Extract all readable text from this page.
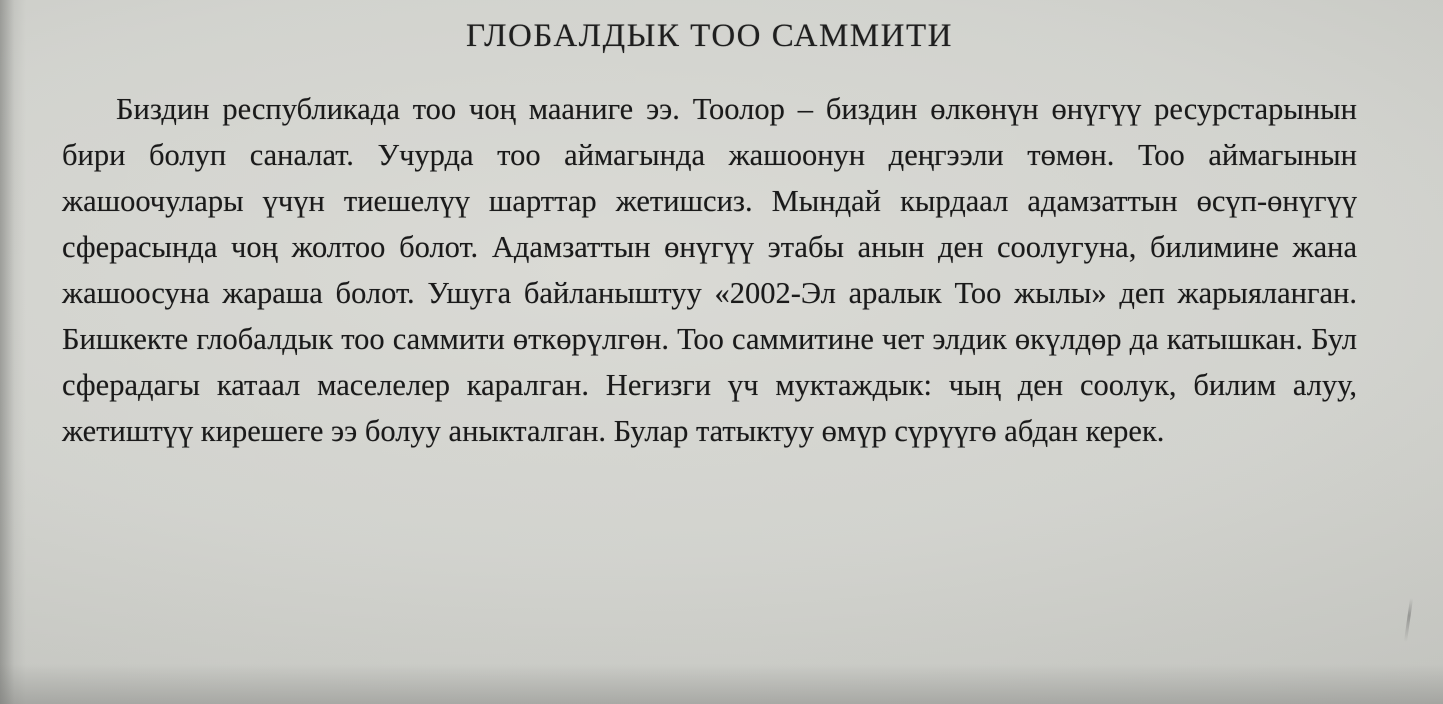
ГЛОБАЛДЫК ТОО САММИТИ

Биздин республикада тоо чоң мааниге ээ. Тоолор – биздин өлкөнүн өнүгүү ресурстарынын бири болуп саналат. Учурда тоо аймагында жашоонун деңгээли төмөн. Тоо аймагынын жашоочулары үчүн тиешелүү шарттар жетишсиз. Мындай кырдаал адамзаттын өсүп-өнүгүү сферасында чоң жолтоо болот. Адамзаттын өнүгүү этабы анын ден соолугуна, билимине жана жашоосуна жараша болот. Ушуга байланыштуу «2002-Эл аралык Тоо жылы» деп жарыяланган. Бишкекте глобалдык тоо саммити өткөрүлгөн. Тоо саммитине чет элдик өкүлдөр да катышкан. Бул сферадагы катаал маселелер каралган. Негизги үч муктаждык: чың ден соолук, билим алуу, жетиштүү кирешеге ээ болуу аныкталган. Булар татыктуу өмүр сүрүүгө абдан керек.
